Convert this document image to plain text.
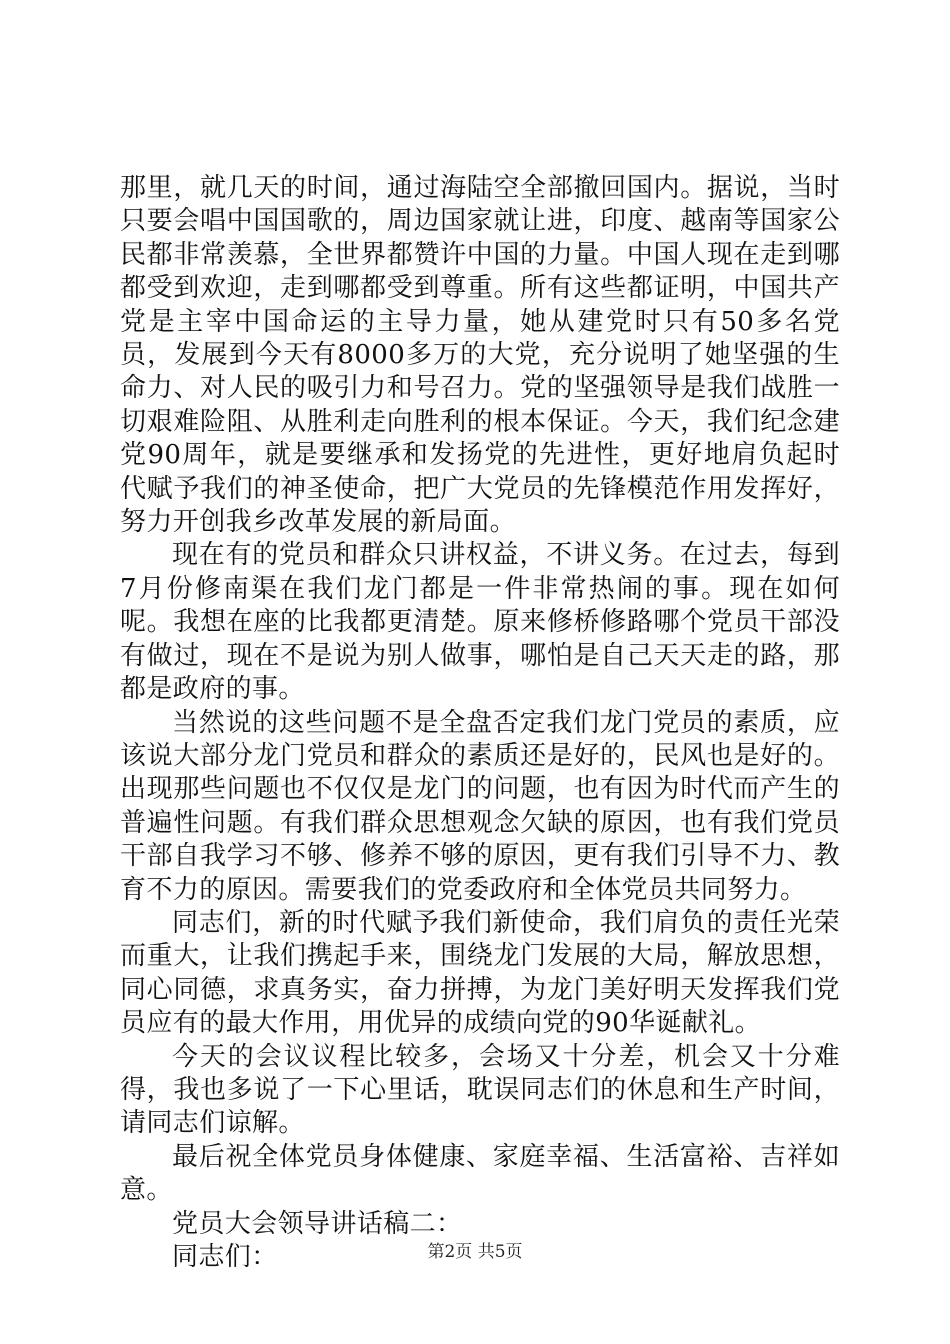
那里，就几天的时间，通过海陆空全部撤回国内。据说，当时只要会唱中国国歌的，周边国家就让进，印度、越南等国家公民都非常羡慕，全世界都赞许中国的力量。中国人现在走到哪都受到欢迎，走到哪都受到尊重。所有这些都证明，中国共产党是主宰中国命运的主导力量，她从建党时只有50多名党员，发展到今天有8000多万的大党，充分说明了她坚强的生命力、对人民的吸引力和号召力。党的坚强领导是我们战胜一切艰难险阻、从胜利走向胜利的根本保证。今天，我们纪念建党90周年，就是要继承和发扬党的先进性，更好地肩负起时代赋予我们的神圣使命，把广大党员的先锋模范作用发挥好，努力开创我乡改革发展的新局面。

现在有的党员和群众只讲权益，不讲义务。在过去，每到7月份修南渠在我们龙门都是一件非常热闹的事。现在如何呢。我想在座的比我都更清楚。原来修桥修路哪个党员干部没有做过，现在不是说为别人做事，哪怕是自己天天走的路，那都是政府的事。

当然说的这些问题不是全盘否定我们龙门党员的素质，应该说大部分龙门党员和群众的素质还是好的，民风也是好的。出现那些问题也不仅仅是龙门的问题，也有因为时代而产生的普遍性问题。有我们群众思想观念欠缺的原因，也有我们党员干部自我学习不够、修养不够的原因，更有我们引导不力、教育不力的原因。需要我们的党委政府和全体党员共同努力。

同志们，新的时代赋予我们新使命，我们肩负的责任光荣而重大，让我们携起手来，围绕龙门发展的大局，解放思想，同心同德，求真务实，奋力拼搏，为龙门美好明天发挥我们党员应有的最大作用，用优异的成绩向党的90华诞献礼。

今天的会议议程比较多，会场又十分差，机会又十分难得，我也多说了一下心里话，耽误同志们的休息和生产时间，请同志们谅解。

最后祝全体党员身体健康、家庭幸福、生活富裕、吉祥如意。

党员大会领导讲话稿二：

同志们：	第2页 共5页
